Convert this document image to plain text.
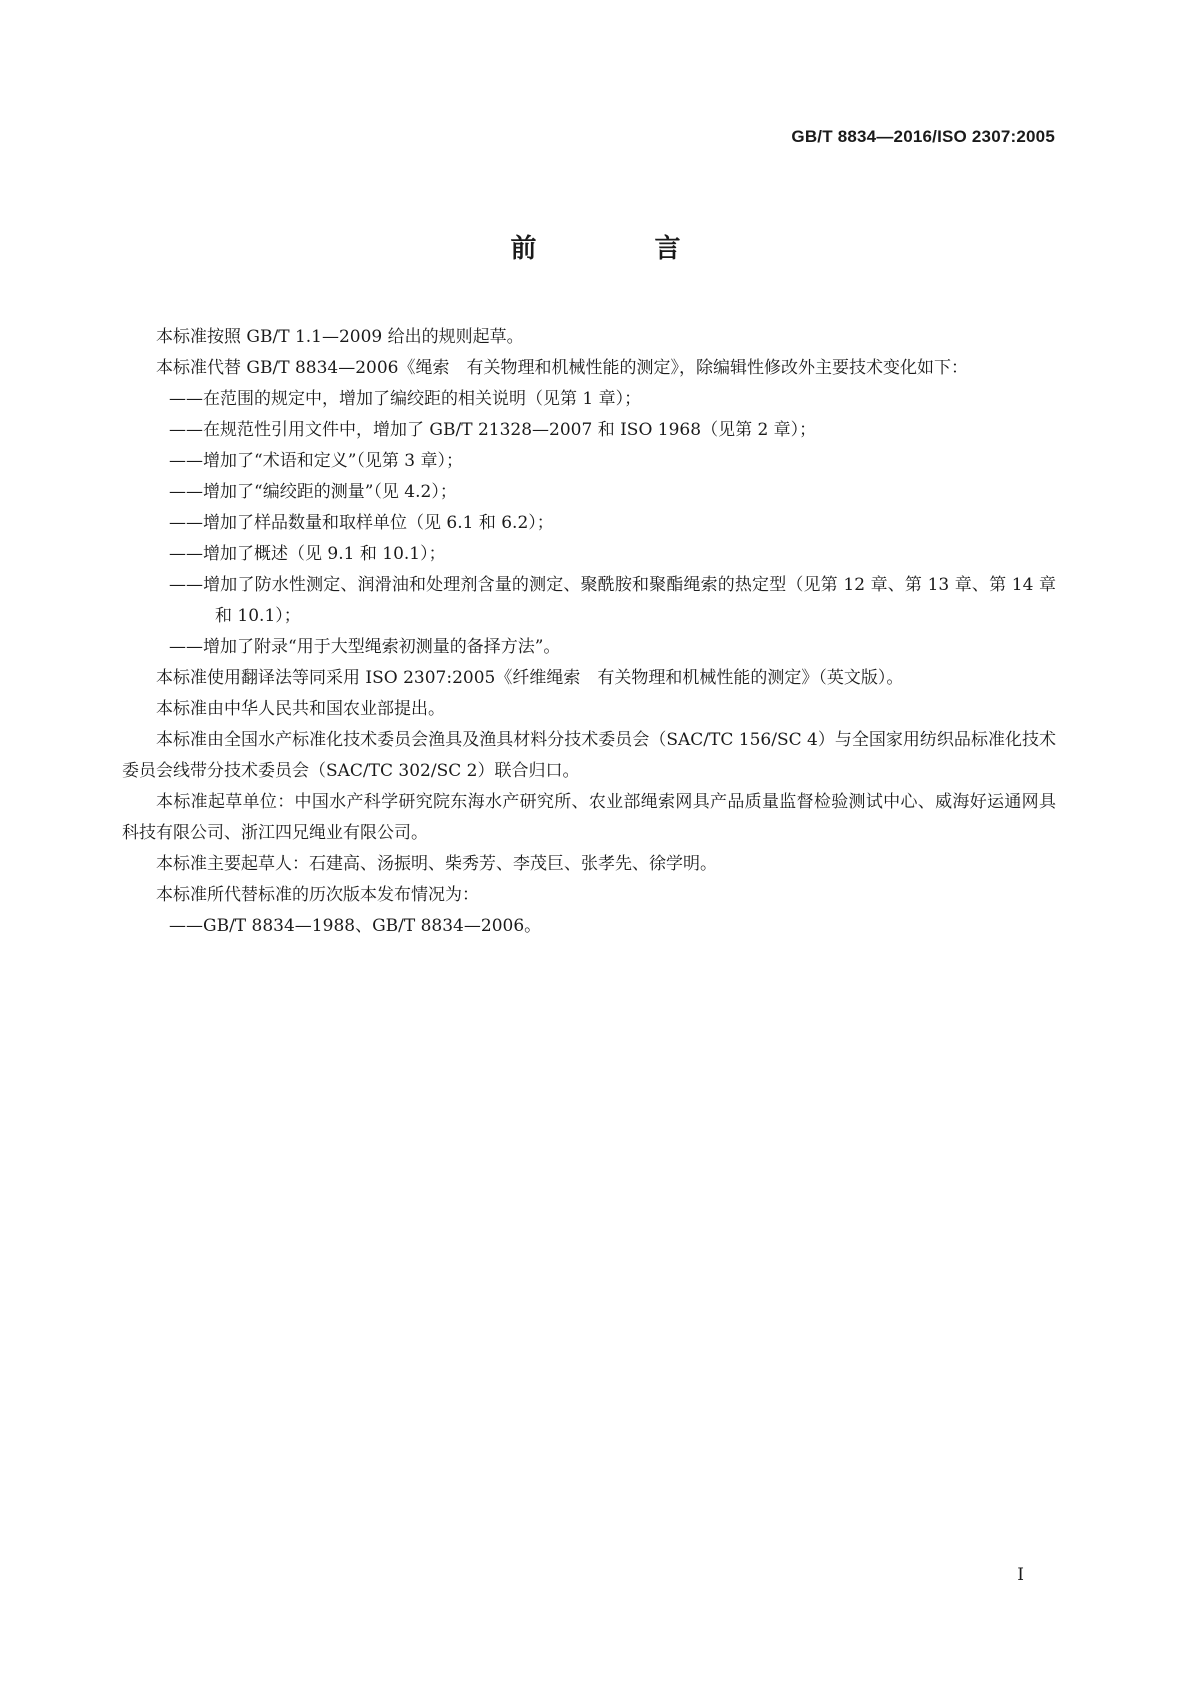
GB/T 8834—2016/ISO 2307:2005
前　言

本标准按照 GB/T 1.1—2009 给出的规则起草。

本标准代替 GB/T 8834—2006《绳索　有关物理和机械性能的测定》，除编辑性修改外主要技术变化如下：

——在范围的规定中，增加了编绞距的相关说明（见第 1 章）；
——在规范性引用文件中，增加了 GB/T 21328—2007 和 ISO 1968（见第 2 章）；
——增加了“术语和定义”（见第 3 章）；
——增加了“编绞距的测量”（见 4.2）；
——增加了样品数量和取样单位（见 6.1 和 6.2）；
——增加了概述（见 9.1 和 10.1）；
——增加了防水性测定、润滑油和处理剂含量的测定、聚酰胺和聚酯绳索的热定型（见第 12 章、第 13 章、第 14 章和 10.1）；
——增加了附录“用于大型绳索初测量的备择方法”。

本标准使用翻译法等同采用 ISO 2307:2005《纤维绳索　有关物理和机械性能的测定》（英文版）。

本标准由中华人民共和国农业部提出。

本标准由全国水产标准化技术委员会渔具及渔具材料分技术委员会（SAC/TC 156/SC 4）与全国家用纺织品标准化技术委员会线带分技术委员会（SAC/TC 302/SC 2）联合归口。

本标准起草单位：中国水产科学研究院东海水产研究所、农业部绳索网具产品质量监督检验测试中心、威海好运通网具科技有限公司、浙江四兄绳业有限公司。

本标准主要起草人：石建高、汤振明、柴秀芳、李茂巨、张孝先、徐学明。

本标准所代替标准的历次版本发布情况为：

——GB/T 8834—1988、GB/T 8834—2006。
I
